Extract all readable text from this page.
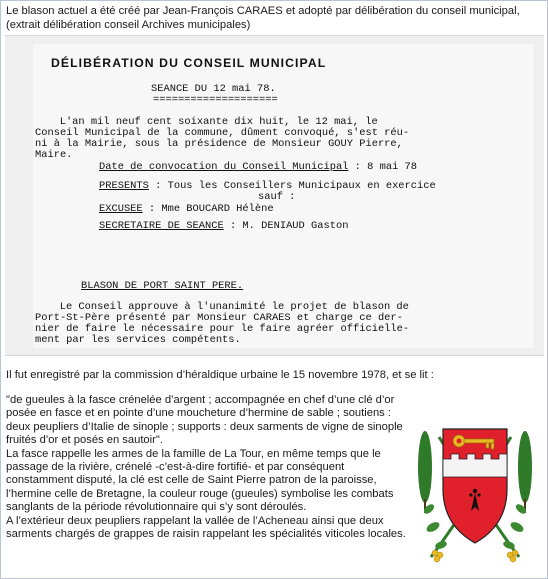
Le blason actuel a été créé par Jean-François CARAES et adopté par délibération du conseil municipal, (extrait délibération conseil Archives municipales)
DÉLIBÉRATION DU CONSEIL MUNICIPAL
SEANCE DU 12 mai 78.
====================
L'an mil neuf cent soixante dix huit, le 12 mai, le
Conseil Municipal de la commune, dûment convoqué, s'est réu-
ni à la Mairie, sous la présidence de Monsieur GOUY Pierre,
Maire.
Date de convocation du Conseil Municipal : 8 mai 78
PRESENTS : Tous les Conseillers Municipaux en exercice
sauf :
EXCUSEE : Mme BOUCARD Hélène
SECRETAIRE DE SEANCE : M. DENIAUD Gaston
BLASON DE PORT SAINT PERE.
Le Conseil approuve à l'unanimité le projet de blason de
Port-St-Père présenté par Monsieur CARAES et charge ce der-
nier de faire le nécessaire pour le faire agréer officielle-
ment par les services compétents.
Il fut enregistré par la commission d’héraldique urbaine le 15 novembre 1978, et se lit :

"de gueules à la fasce crénelée d’argent ; accompagnée en chef d’une clé d’or posée en fasce et en pointe d’une moucheture d’hermine de sable ; soutiens : deux peupliers d’Italie de sinople ; supports : deux sarments de vigne de sinople fruités d’or et posés en sautoir".

La fasce rappelle les armes de la famille de La Tour, en même temps que le passage de la rivière, crénelé -c’est-à-dire fortifié- et par conséquent constamment disputé, la clé est celle de Saint Pierre patron de la paroisse, l’hermine celle de Bretagne, la couleur rouge (gueules) symbolise les combats sanglants de la période révolutionnaire qui s’y sont déroulés.

A l’extérieur deux peupliers rappelant la vallée de l’Acheneau ainsi que deux sarments chargés de grappes de raisin rappelant les spécialités viticoles locales.
